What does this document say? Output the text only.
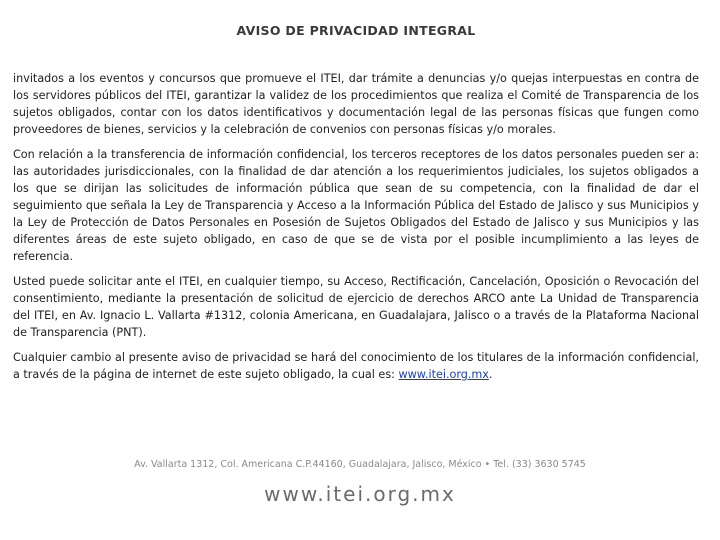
AVISO DE PRIVACIDAD INTEGRAL

invitados a los eventos y concursos que promueve el ITEI, dar trámite a denuncias y/o quejas interpuestas en contra de los servidores públicos del ITEI, garantizar la validez de los procedimientos que realiza el Comité de Transparencia de los sujetos obligados, contar con los datos identificativos y documentación legal de las personas físicas que fungen como proveedores de bienes, servicios y la celebración de convenios con personas físicas y/o morales.

Con relación a la transferencia de información confidencial, los terceros receptores de los datos personales pueden ser a: las autoridades jurisdiccionales, con la finalidad de dar atención a los requerimientos judiciales, los sujetos obligados a los que se dirijan las solicitudes de información pública que sean de su competencia, con la finalidad de dar el seguimiento que señala la Ley de Transparencia y Acceso a la Información Pública del Estado de Jalisco y sus Municipios y la Ley de Protección de Datos Personales en Posesión de Sujetos Obligados del Estado de Jalisco y sus Municipios y las diferentes áreas de este sujeto obligado, en caso de que se de vista por el posible incumplimiento a las leyes de referencia.

Usted puede solicitar ante el ITEI, en cualquier tiempo, su Acceso, Rectificación, Cancelación, Oposición o Revocación del consentimiento, mediante la presentación de solicitud de ejercicio de derechos ARCO ante La Unidad de Transparencia del ITEI, en Av. Ignacio L. Vallarta #1312, colonia Americana, en Guadalajara, Jalisco o a través de la Plataforma Nacional de Transparencia (PNT).

Cualquier cambio al presente aviso de privacidad se hará del conocimiento de los titulares de la información confidencial, a través de la página de internet de este sujeto obligado, la cual es: www.itei.org.mx.

Av. Vallarta 1312, Col. Americana C.P.44160, Guadalajara, Jalisco, México • Tel. (33) 3630 5745
www.itei.org.mx
